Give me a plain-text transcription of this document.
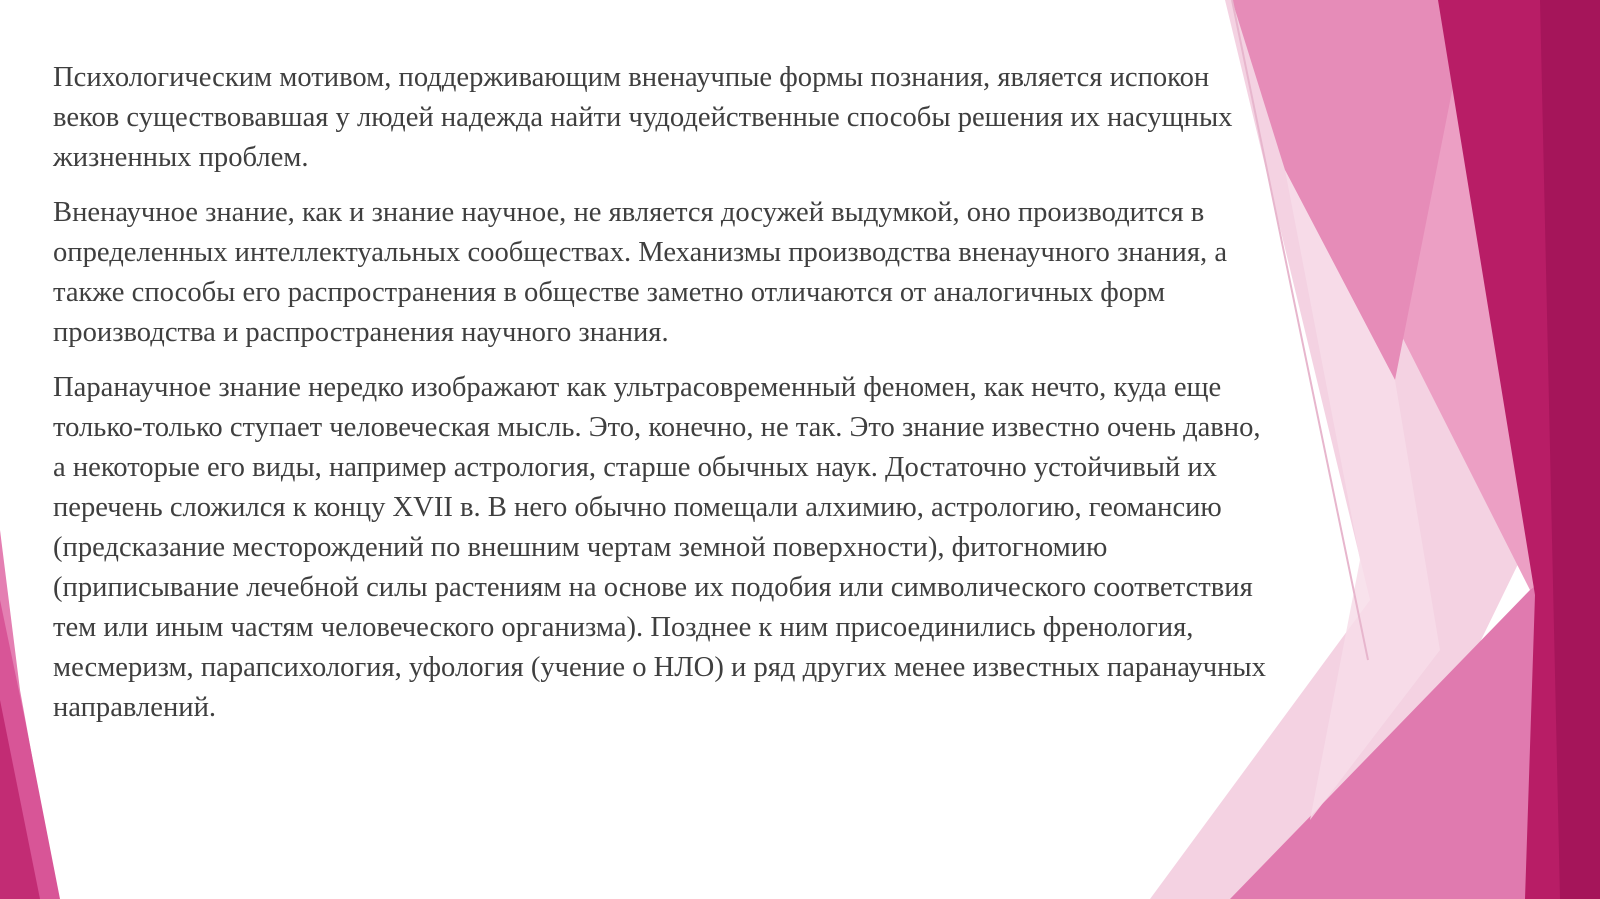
Психологическим мотивом, поддерживающим вненаучпые формы познания, является испокон веков существовавшая у людей надежда найти чудодейственные способы решения их насущных жизненных проблем.

Вненаучное знание, как и знание научное, не является досужей выдумкой, оно производится в определенных интеллектуальных сообществах. Механизмы производства вненаучного знания, а также способы его распространения в обществе заметно отличаются от аналогичных форм производства и распространения научного знания.

Паранаучное знание нередко изображают как ультрасовременный феномен, как нечто, куда еще только-только ступает человеческая мысль. Это, конечно, не так. Это знание известно очень давно, а некоторые его виды, например астрология, старше обычных наук. Достаточно устойчивый их перечень сложился к концу XVII в. В него обычно помещали алхимию, астрологию, геомансию (предсказание месторождений по внешним чертам земной поверхности), фитогномию (приписывание лечебной силы растениям на основе их подобия или символического соответствия тем или иным частям человеческого организма). Позднее к ним присоединились френология, месмеризм, парапсихология, уфология (учение о НЛО) и ряд других менее известных паранаучных направлений.
